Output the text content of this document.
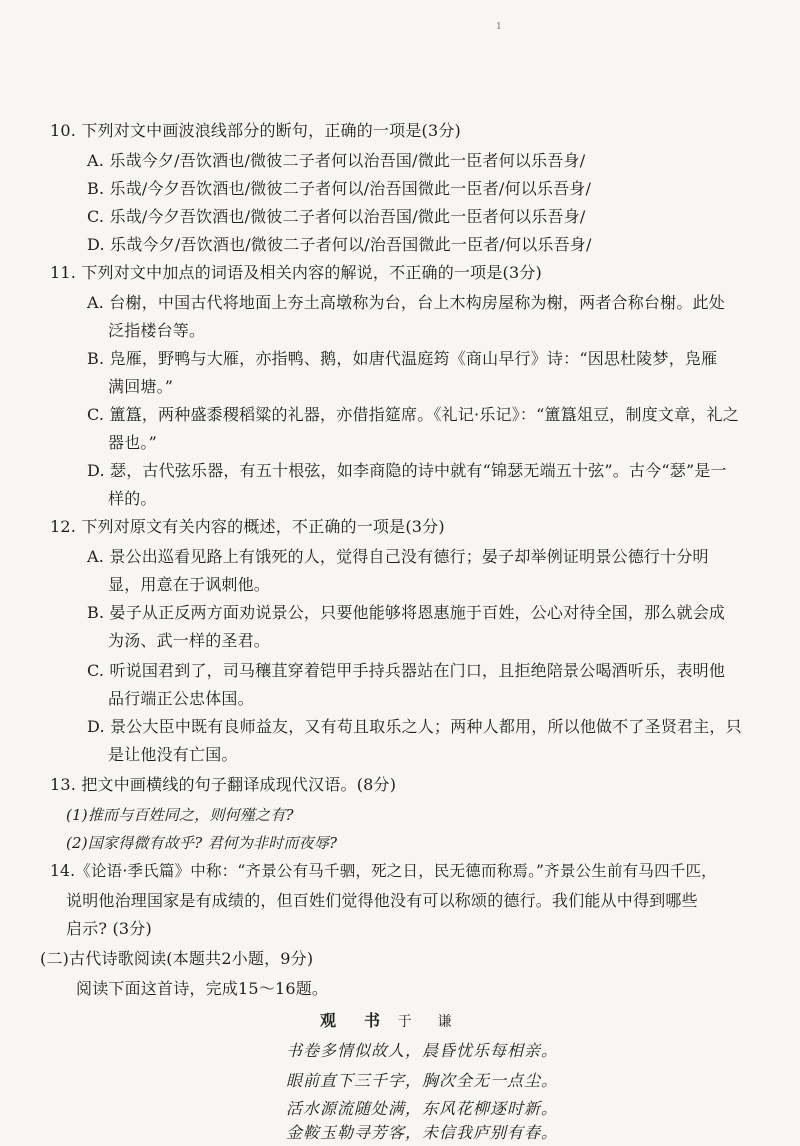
1
10. 下列对文中画波浪线部分的断句，正确的一项是(3分)
A. 乐哉今夕/吾饮酒也/微彼二子者何以治吾国/微此一臣者何以乐吾身/
B. 乐哉/今夕吾饮酒也/微彼二子者何以/治吾国微此一臣者/何以乐吾身/
C. 乐哉/今夕吾饮酒也/微彼二子者何以治吾国/微此一臣者何以乐吾身/
D. 乐哉今夕/吾饮酒也/微彼二子者何以/治吾国微此一臣者/何以乐吾身/
11. 下列对文中加点的词语及相关内容的解说，不正确的一项是(3分)
A. 台榭，中国古代将地面上夯土高墩称为台，台上木构房屋称为榭，两者合称台榭。此处
泛指楼台等。
B. 凫雁，野鸭与大雁，亦指鸭、鹅，如唐代温庭筠《商山早行》诗：“因思杜陵梦，凫雁
满回塘。”
C. 簠簋，两种盛黍稷稻粱的礼器，亦借指筵席。《礼记·乐记》：“簠簋俎豆，制度文章，礼之
器也。”
D. 瑟，古代弦乐器，有五十根弦，如李商隐的诗中就有“锦瑟无端五十弦”。古今“瑟”是一
样的。
12. 下列对原文有关内容的概述，不正确的一项是(3分)
A. 景公出巡看见路上有饿死的人，觉得自己没有德行；晏子却举例证明景公德行十分明
显，用意在于讽刺他。
B. 晏子从正反两方面劝说景公，只要他能够将恩惠施于百姓，公心对待全国，那么就会成
为汤、武一样的圣君。
C. 听说国君到了，司马穰苴穿着铠甲手持兵器站在门口，且拒绝陪景公喝酒听乐，表明他
品行端正公忠体国。
D. 景公大臣中既有良师益友，又有苟且取乐之人；两种人都用，所以他做不了圣贤君主，只
是让他没有亡国。
13. 把文中画横线的句子翻译成现代汉语。(8分)
(1)推而与百姓同之，则何殣之有?
(2)国家得微有故乎? 君何为非时而夜辱?
14.《论语·季氏篇》中称：“齐景公有马千驷，死之日，民无德而称焉。”齐景公生前有马四千匹，
说明他治理国家是有成绩的，但百姓们觉得他没有可以称颂的德行。我们能从中得到哪些
启示? (3分)
(二)古代诗歌阅读(本题共2小题，9分)
阅读下面这首诗，完成15～16题。
观　书 于　谦
书卷多情似故人，晨昏忧乐每相亲。
眼前直下三千字，胸次全无一点尘。
活水源流随处满，东风花柳逐时新。
金鞍玉勒寻芳客，未信我庐别有春。
